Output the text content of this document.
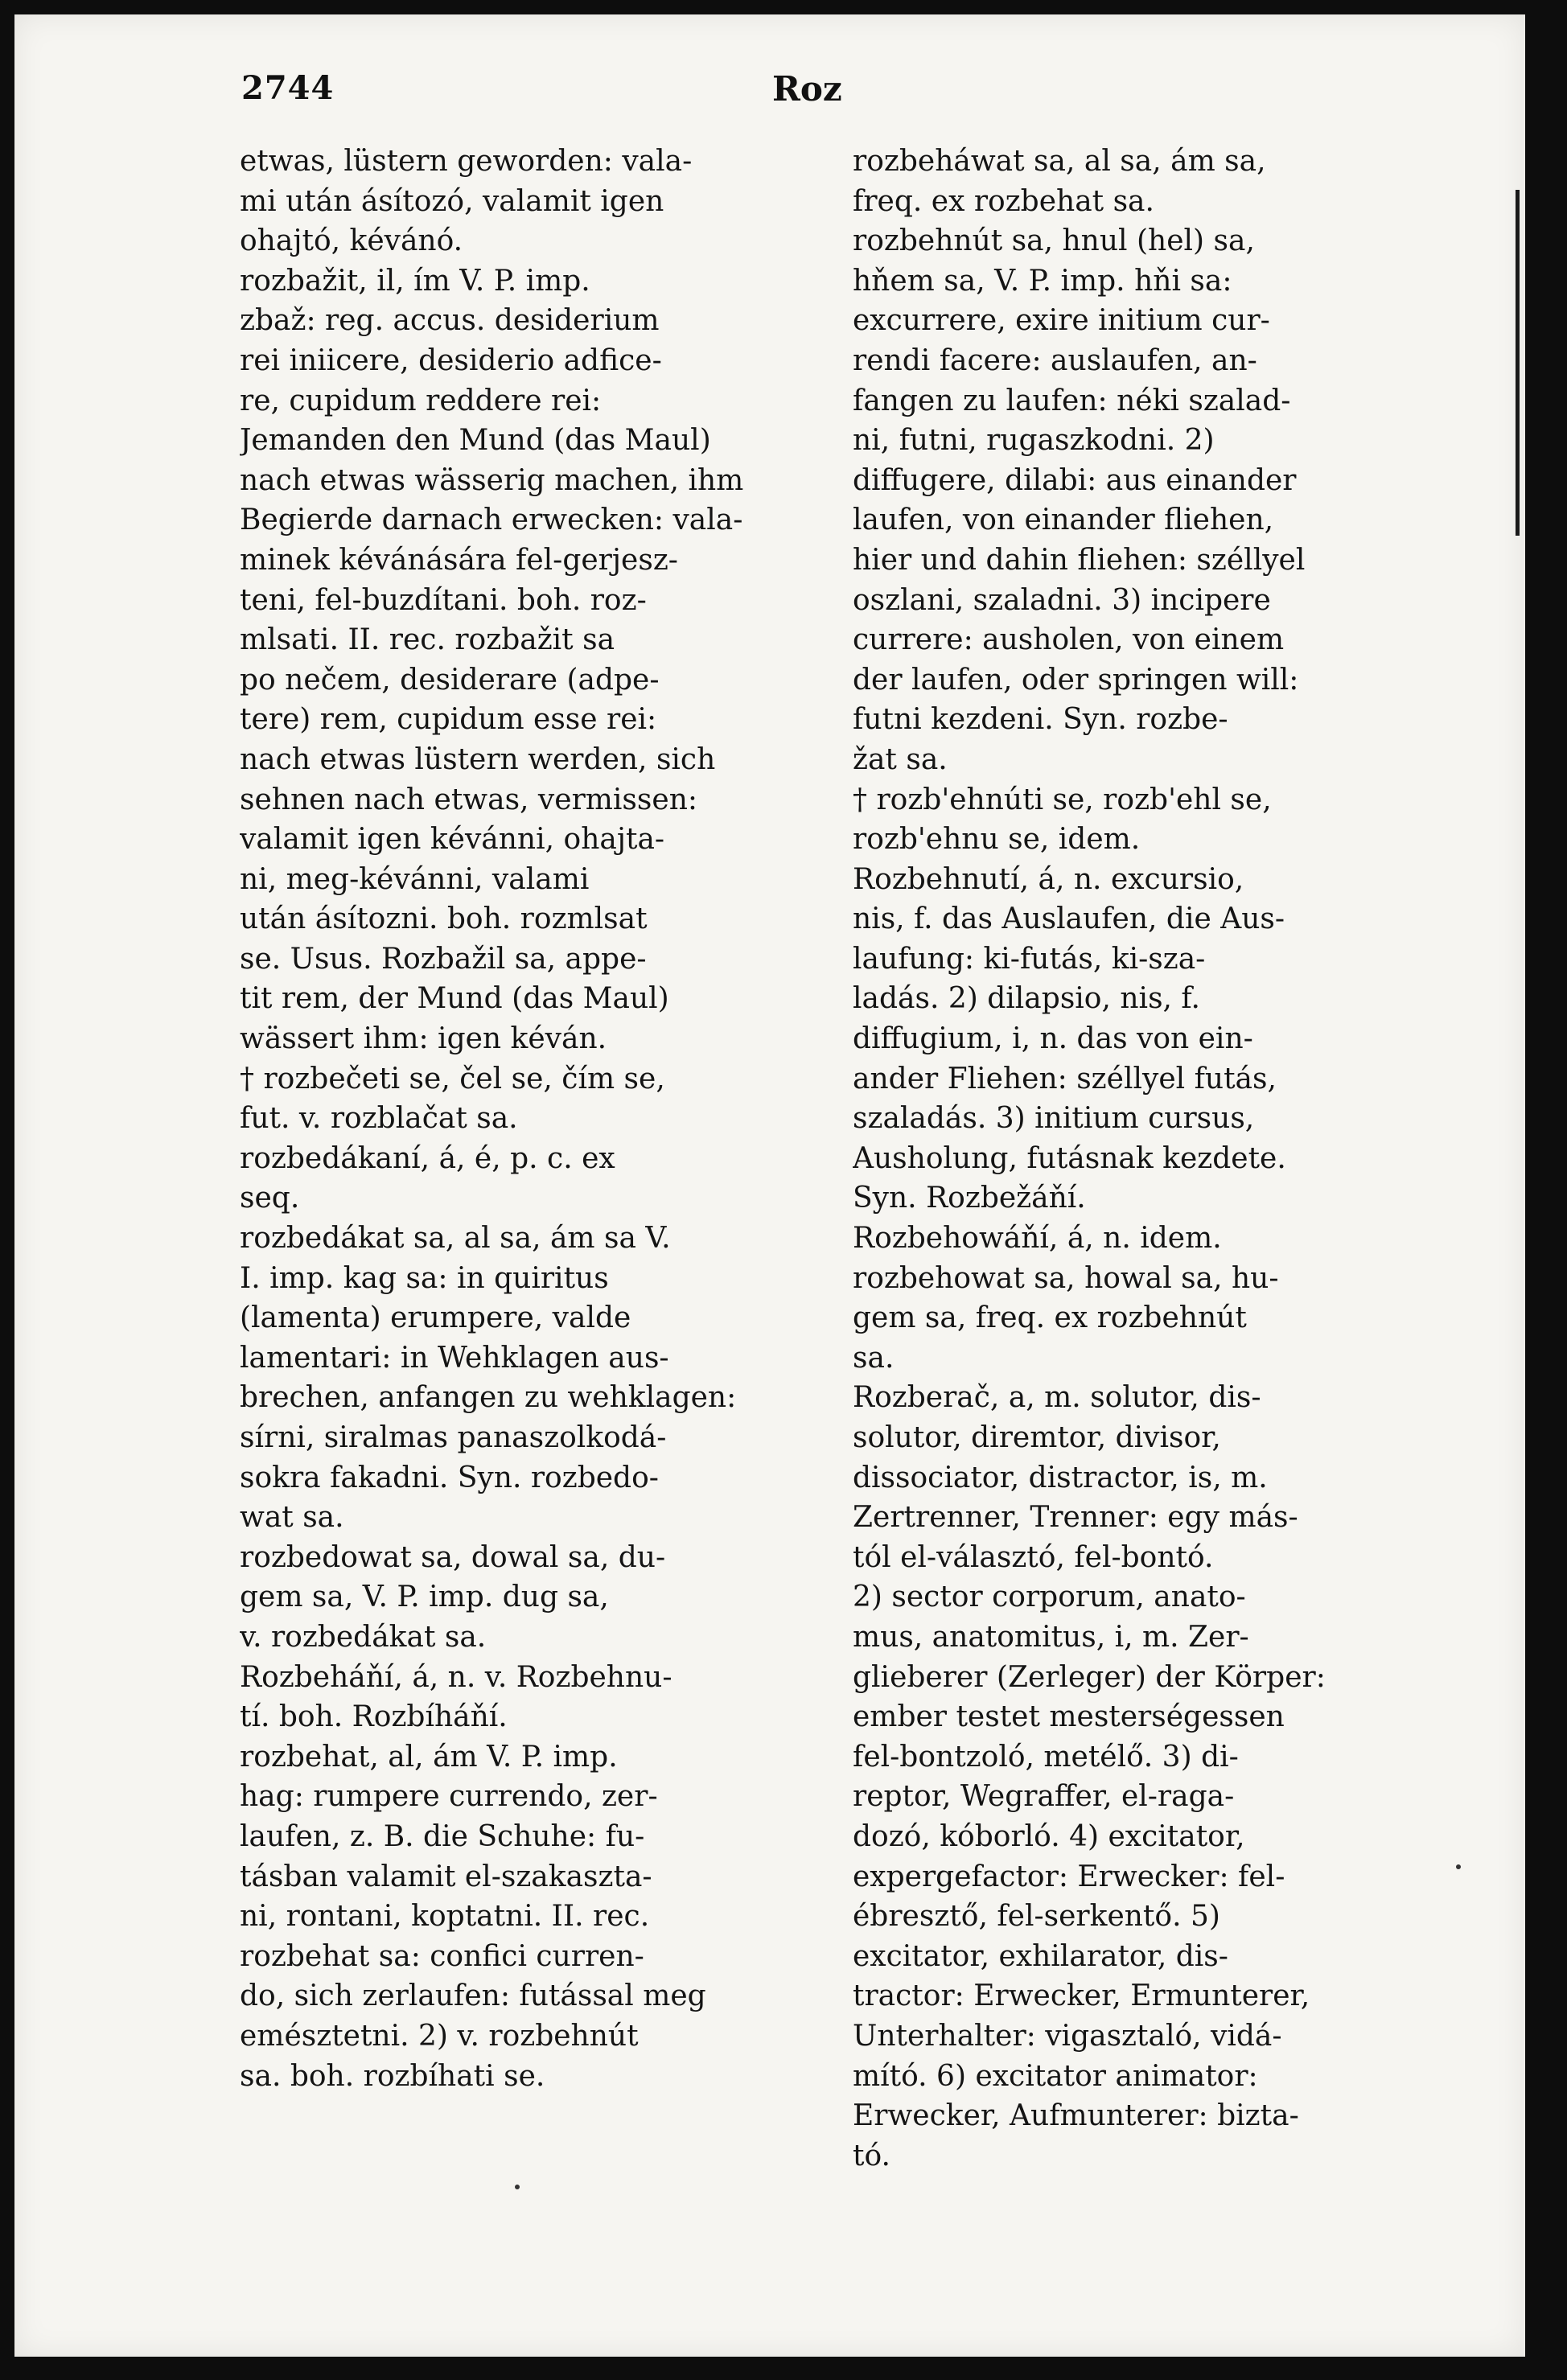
2744	Roz
etwas, lüstern geworden: vala-
mi után ásítozó, valamit igen
ohajtó, kévánó.
rozbažit, il, ím V. P. imp.
zbaž: reg. accus. desiderium
rei iniicere, desiderio adfice-
re, cupidum reddere rei:
Jemanden den Mund (das Maul)
nach etwas wässerig machen, ihm
Begierde darnach erwecken: vala-
minek kévánására fel-gerjesz-
teni, fel-buzdítani. boh. roz-
mlsati. II. rec. rozbažit sa
po nečem, desiderare (adpe-
tere) rem, cupidum esse rei:
nach etwas lüstern werden, sich
sehnen nach etwas, vermissen:
valamit igen kévánni, ohajta-
ni, meg-kévánni, valami
után ásítozni. boh. rozmlsat
se. Usus. Rozbažil sa, appe-
tit rem, der Mund (das Maul)
wässert ihm: igen kéván.
† rozbečeti se, čel se, čím se,
fut. v. rozblačat sa.
rozbedákaní, á, é, p. c. ex
seq.
rozbedákat sa, al sa, ám sa V.
I. imp. kag sa: in quiritus
(lamenta) erumpere, valde
lamentari: in Wehklagen aus-
brechen, anfangen zu wehklagen:
sírni, siralmas panaszolkodá-
sokra fakadni. Syn. rozbedo-
wat sa.
rozbedowat sa, dowal sa, du-
gem sa, V. P. imp. dug sa,
v. rozbedákat sa.
Rozbeháňí, á, n. v. Rozbehnu-
tí. boh. Rozbíháňí.
rozbehat, al, ám V. P. imp.
hag: rumpere currendo, zer-
laufen, z. B. die Schuhe: fu-
tásban valamit el-szakaszta-
ni, rontani, koptatni. II. rec.
rozbehat sa: confici curren-
do, sich zerlaufen: futással meg
emésztetni. 2) v. rozbehnút
sa. boh. rozbíhati se.
rozbeháwat sa, al sa, ám sa,
freq. ex rozbehat sa.
rozbehnút sa, hnul (hel) sa,
hňem sa, V. P. imp. hňi sa:
excurrere, exire initium cur-
rendi facere: auslaufen, an-
fangen zu laufen: néki szalad-
ni, futni, rugaszkodni. 2)
diffugere, dilabi: aus einander
laufen, von einander fliehen,
hier und dahin fliehen: széllyel
oszlani, szaladni. 3) incipere
currere: ausholen, von einem
der laufen, oder springen will:
futni kezdeni. Syn. rozbe-
žat sa.
† rozb'ehnúti se, rozb'ehl se,
rozb'ehnu se, idem.
Rozbehnutí, á, n. excursio,
nis, f. das Auslaufen, die Aus-
laufung: ki-futás, ki-sza-
ladás. 2) dilapsio, nis, f.
diffugium, i, n. das von ein-
ander Fliehen: széllyel futás,
szaladás. 3) initium cursus,
Ausholung, futásnak kezdete.
Syn. Rozbežáňí.
Rozbehowáňí, á, n. idem.
rozbehowat sa, howal sa, hu-
gem sa, freq. ex rozbehnút
sa.
Rozberač, a, m. solutor, dis-
solutor, diremtor, divisor,
dissociator, distractor, is, m.
Zertrenner, Trenner: egy más-
tól el-választó, fel-bontó.
2) sector corporum, anato-
mus, anatomitus, i, m. Zer-
glieberer (Zerleger) der Körper:
ember testet mesterségessen
fel-bontzoló, metélő. 3) di-
reptor, Wegraffer, el-raga-
dozó, kóborló. 4) excitator,
expergefactor: Erwecker: fel-
ébresztő, fel-serkentő. 5)
excitator, exhilarator, dis-
tractor: Erwecker, Ermunterer,
Unterhalter: vigasztaló, vidá-
mító. 6) excitator animator:
Erwecker, Aufmunterer: bizta-
tó.
